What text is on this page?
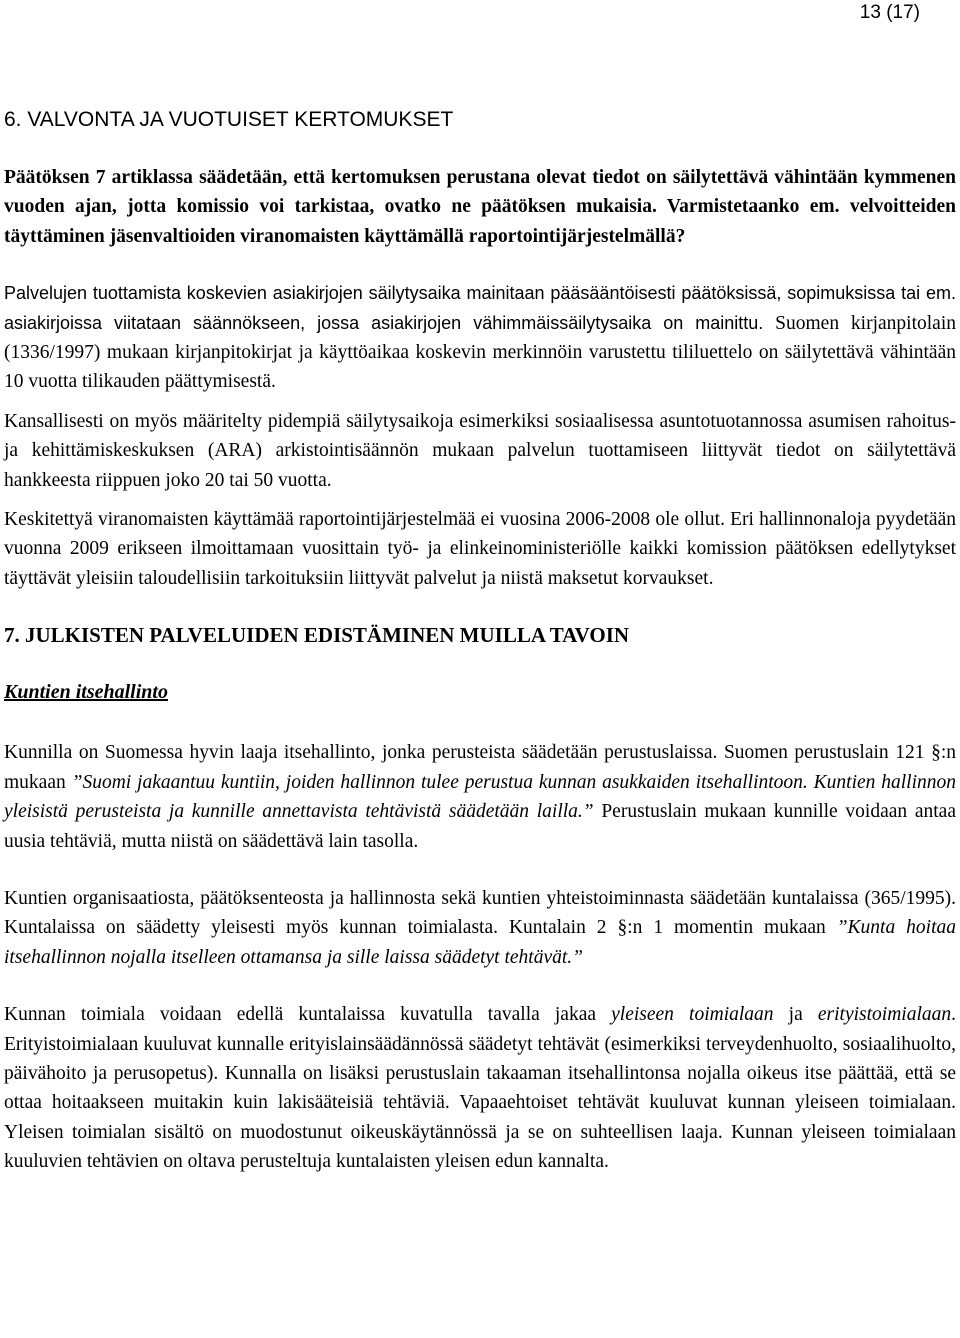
13 (17)

6. VALVONTA JA VUOTUISET KERTOMUKSET

Päätöksen 7 artiklassa säädetään, että kertomuksen perustana olevat tiedot on säilytettävä vähintään kymmenen vuoden ajan, jotta komissio voi tarkistaa, ovatko ne päätöksen mukaisia. Varmistetaanko em. velvoitteiden täyttäminen jäsenvaltioiden viranomaisten käyttämällä raportointijärjestelmällä?

Palvelujen tuottamista koskevien asiakirjojen säilytysaika mainitaan pääsääntöisesti päätöksissä, sopimuksissa tai em. asiakirjoissa viitataan säännökseen, jossa asiakirjojen vähimmäissäilytysaika on mainittu. Suomen kirjanpitolain (1336/1997) mukaan kirjanpitokirjat ja käyttöaikaa koskevin merkinnöin varustettu tililuettelo on säilytettävä vähintään 10 vuotta tilikauden päättymisestä.

Kansallisesti on myös määritelty pidempiä säilytysaikoja esimerkiksi sosiaalisessa asuntotuotannossa asumisen rahoitus- ja kehittämiskeskuksen (ARA) arkistointisäännön mukaan palvelun tuottamiseen liittyvät tiedot on säilytettävä hankkeesta riippuen joko 20 tai 50 vuotta.

Keskitettyä viranomaisten käyttämää raportointijärjestelmää ei vuosina 2006-2008 ole ollut. Eri hallinnonaloja pyydetään vuonna 2009 erikseen ilmoittamaan vuosittain työ- ja elinkeinoministeriölle kaikki komission päätöksen edellytykset täyttävät yleisiin taloudellisiin tarkoituksiin liittyvät palvelut ja niistä maksetut korvaukset.

7. JULKISTEN PALVELUIDEN EDISTÄMINEN MUILLA TAVOIN
Kuntien itsehallinto

Kunnilla on Suomessa hyvin laaja itsehallinto, jonka perusteista säädetään perustuslaissa. Suomen perustuslain 121 §:n mukaan ”Suomi jakaantuu kuntiin, joiden hallinnon tulee perustua kunnan asukkaiden itsehallintoon. Kuntien hallinnon yleisistä perusteista ja kunnille annettavista tehtävistä säädetään lailla.” Perustuslain mukaan kunnille voidaan antaa uusia tehtäviä, mutta niistä on säädettävä lain tasolla.

Kuntien organisaatiosta, päätöksenteosta ja hallinnosta sekä kuntien yhteistoiminnasta säädetään kuntalaissa (365/1995). Kuntalaissa on säädetty yleisesti myös kunnan toimialasta. Kuntalain 2 §:n 1 momentin mukaan ”Kunta hoitaa itsehallinnon nojalla itselleen ottamansa ja sille laissa säädetyt tehtävät.”

Kunnan toimiala voidaan edellä kuntalaissa kuvatulla tavalla jakaa yleiseen toimialaan ja erityistoimialaan. Erityistoimialaan kuuluvat kunnalle erityislainsäädännössä säädetyt tehtävät (esimerkiksi terveydenhuolto, sosiaalihuolto, päivähoito ja perusopetus). Kunnalla on lisäksi perustuslain takaaman itsehallintonsa nojalla oikeus itse päättää, että se ottaa hoitaakseen muitakin kuin lakisääteisiä tehtäviä. Vapaaehtoiset tehtävät kuuluvat kunnan yleiseen toimialaan. Yleisen toimialan sisältö on muodostunut oikeuskäytännössä ja se on suhteellisen laaja. Kunnan yleiseen toimialaan kuuluvien tehtävien on oltava perusteltuja kuntalaisten yleisen edun kannalta.
